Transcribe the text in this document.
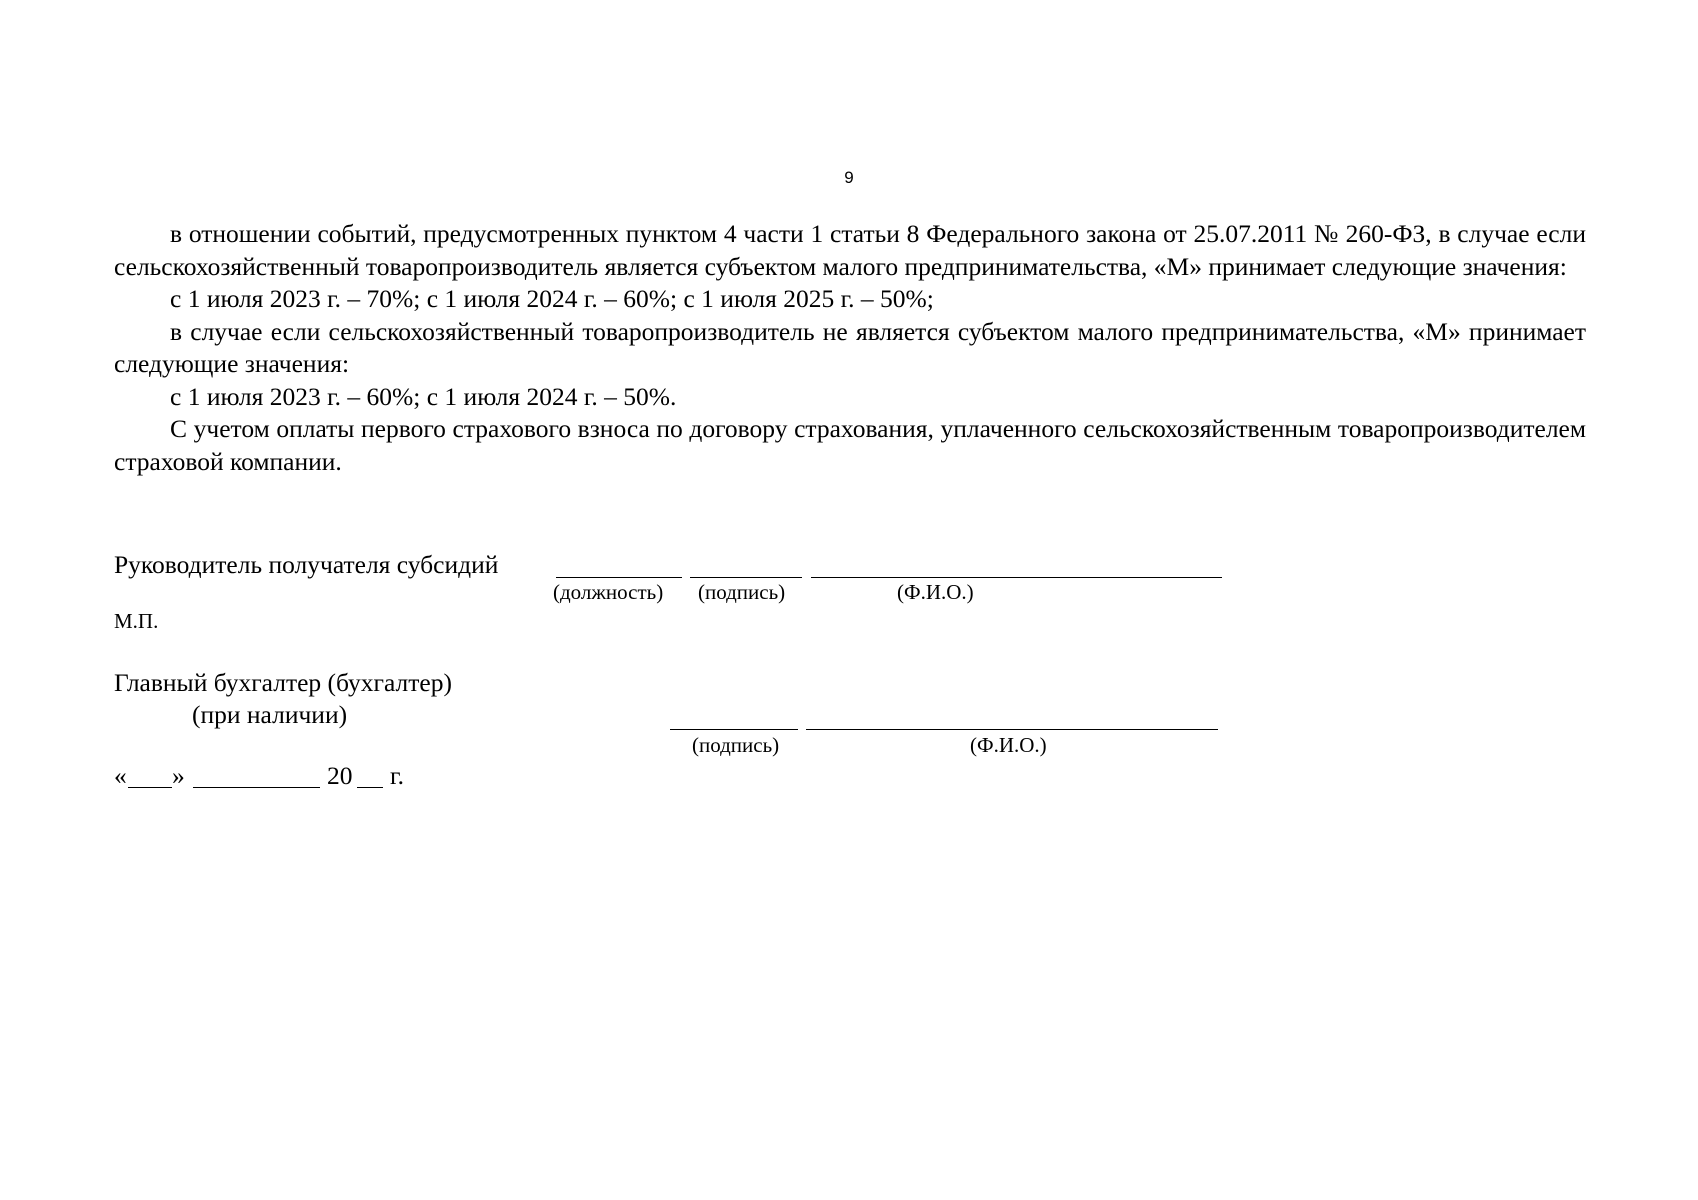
9

в отношении событий, предусмотренных пунктом 4 части 1 статьи 8 Федерального закона от 25.07.2011 № 260-ФЗ, в случае если сельскохозяйственный товаропроизводитель является субъектом малого предпринимательства, «М» принимает следующие значения:

с 1 июля 2023 г. – 70%; с 1 июля 2024 г. – 60%; с 1 июля 2025 г. – 50%;

в случае если сельскохозяйственный товаропроизводитель не является субъектом малого предпринимательства, «М» принимает следующие значения:

с 1 июля 2023 г. – 60%; с 1 июля 2024 г. – 50%.

С учетом оплаты первого страхового взноса по договору страхования, уплаченного сельскохозяйственным товаропроизводителем страховой компании.

Руководитель получателя субсидий
(должность) (подпись)	(Ф.И.О.)
М.П.
Главный бухгалтер (бухгалтер)
(при наличии)
(подпись)	(Ф.И.О.)
« »	20 г.
